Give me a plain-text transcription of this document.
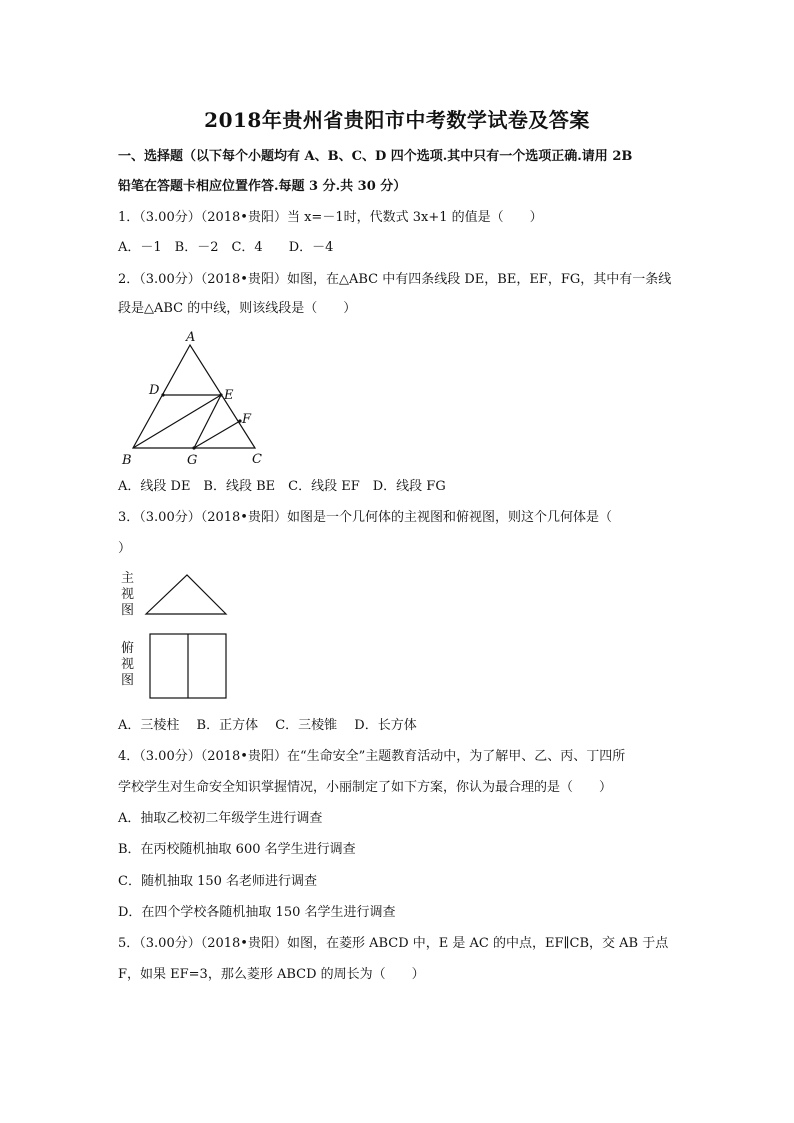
2018年贵州省贵阳市中考数学试卷及答案
一、选择题（以下每个小题均有 A、B、C、D 四个选项.其中只有一个选项正确.请用 2B
铅笔在答题卡相应位置作答.每题 3 分.共 30 分）
1．（3.00分）（2018•贵阳）当 x=－1时，代数式 3x+1 的值是（　　）
A．－1　B．－2　C．4　　D．－4
2．（3.00分）（2018•贵阳）如图，在△ABC 中有四条线段 DE，BE，EF，FG，其中有一条线
段是△ABC 的中线，则该线段是（　　）
A
D	E
F
B	G	C
A．线段 DE　B．线段 BE　C．线段 EF　D．线段 FG
3．（3.00分）（2018•贵阳）如图是一个几何体的主视图和俯视图，则这个几何体是（
）
主 视 图
俯 视 图
A．三棱柱　 B．正方体　 C．三棱锥　 D．长方体
4．（3.00分）（2018•贵阳）在“生命安全”主题教育活动中，为了解甲、乙、丙、丁四所
学校学生对生命安全知识掌握情况，小丽制定了如下方案，你认为最合理的是（　　）
A．抽取乙校初二年级学生进行调查
B．在丙校随机抽取 600 名学生进行调查
C．随机抽取 150 名老师进行调查
D．在四个学校各随机抽取 150 名学生进行调查
5．（3.00分）（2018•贵阳）如图，在菱形 ABCD 中，E 是 AC 的中点，EF∥CB，交 AB 于点
F，如果 EF=3，那么菱形 ABCD 的周长为（　　）
